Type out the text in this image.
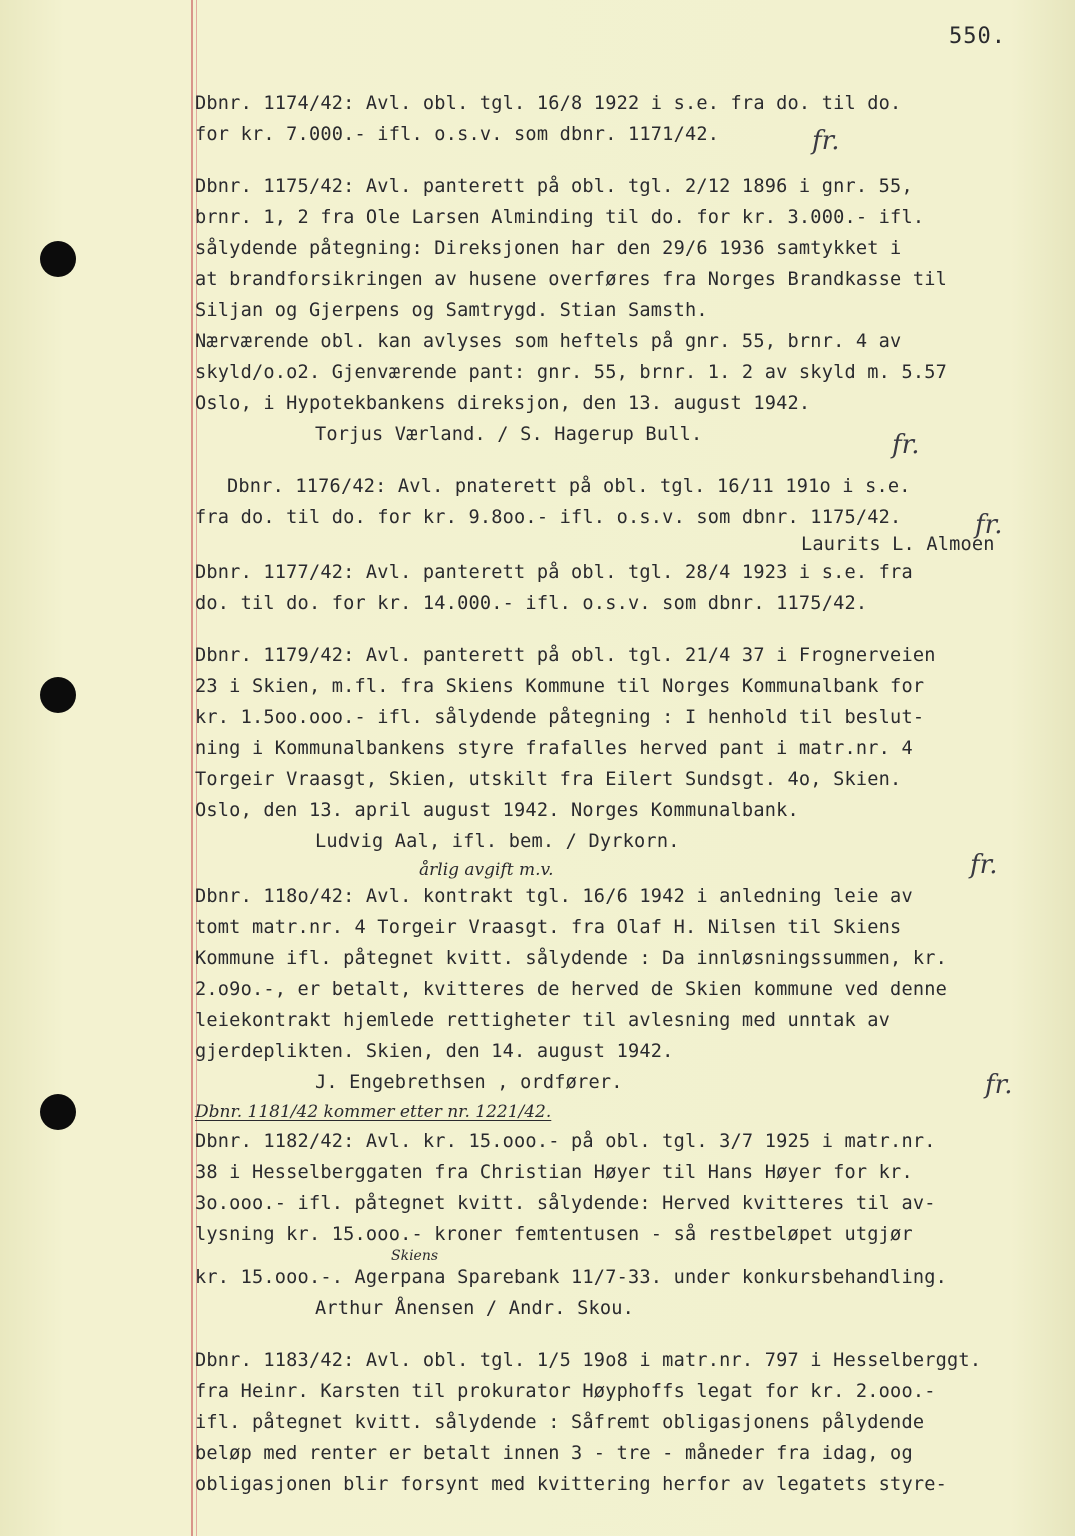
550.
Dbnr. 1174/42: Avl. obl. tgl. 16/8 1922 i s.e. fra do. til do.
for kr. 7.000.- ifl. o.s.v. som dbnr. 1171/42.
Dbnr. 1175/42: Avl. panterett på obl. tgl. 2/12 1896 i gnr. 55,
brnr. 1, 2 fra Ole Larsen Alminding til do. for kr. 3.000.- ifl.
sålydende påtegning: Direksjonen har den 29/6 1936 samtykket i
at brandforsikringen av husene overføres fra Norges Brandkasse til
Siljan og Gjerpens og Samtrygd. Stian Samsth.
Nærværende obl. kan avlyses som heftels på gnr. 55, brnr. 4 av
skyld/o.o2. Gjenværende pant: gnr. 55, brnr. 1. 2 av skyld m. 5.57
Oslo, i Hypotekbankens direksjon, den 13. august 1942.
Torjus Værland. / S. Hagerup Bull.
Dbnr. 1176/42: Avl. pnaterett på obl. tgl. 16/11 191o i s.e.
fra do. til do. for kr. 9.8oo.- ifl. o.s.v. som dbnr. 1175/42.
Laurits L. Almoen
Dbnr. 1177/42: Avl. panterett på obl. tgl. 28/4 1923 i s.e. fra
do. til do. for kr. 14.000.- ifl. o.s.v. som dbnr. 1175/42.
Dbnr. 1179/42: Avl. panterett på obl. tgl. 21/4 37 i Frognerveien
23 i Skien, m.fl. fra Skiens Kommune til Norges Kommunalbank for
kr. 1.5oo.ooo.- ifl. sålydende påtegning : I henhold til beslut-
ning i Kommunalbankens styre frafalles herved pant i matr.nr. 4
Torgeir Vraasgt, Skien, utskilt fra Eilert Sundsgt. 4o, Skien.
Oslo, den 13. april august 1942. Norges Kommunalbank.
Ludvig Aal, ifl. bem. / Dyrkorn.
årlig avgift m.v.
Dbnr. 118o/42: Avl. kontrakt tgl. 16/6 1942 i anledning leie av
tomt matr.nr. 4 Torgeir Vraasgt. fra Olaf H. Nilsen til Skiens
Kommune ifl. påtegnet kvitt. sålydende : Da innløsningssummen, kr.
2.o9o.-, er betalt, kvitteres de herved de Skien kommune ved denne
leiekontrakt hjemlede rettigheter til avlesning med unntak av
gjerdeplikten. Skien, den 14. august 1942.
J. Engebrethsen , ordfører.
Dbnr. 1181/42 kommer etter nr. 1221/42.
Dbnr. 1182/42: Avl. kr. 15.ooo.- på obl. tgl. 3/7 1925 i matr.nr.
38 i Hesselberggaten fra Christian Høyer til Hans Høyer for kr.
3o.ooo.- ifl. påtegnet kvitt. sålydende: Herved kvitteres til av-
lysning kr. 15.ooo.- kroner femtentusen - så restbeløpet utgjør
Skiens
kr. 15.ooo.-. Agerpana Sparebank 11/7-33. under konkursbehandling.
Arthur Ånensen / Andr. Skou.
Dbnr. 1183/42: Avl. obl. tgl. 1/5 19o8 i matr.nr. 797 i Hesselberggt.
fra Heinr. Karsten til prokurator Høyphoffs legat for kr. 2.ooo.-
ifl. påtegnet kvitt. sålydende : Såfremt obligasjonens pålydende
beløp med renter er betalt innen 3 - tre - måneder fra idag, og
obligasjonen blir forsynt med kvittering herfor av legatets styre-
fr.
fr.
fr.
fr.
fr.
